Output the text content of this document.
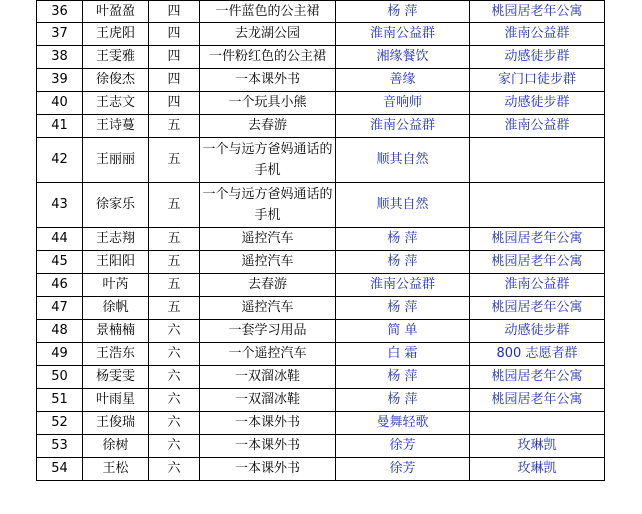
36	叶盈盈	四	一件蓝色的公主裙	杨 萍	桃园居老年公寓
37	王虎阳	四	去龙湖公园	淮南公益群	淮南公益群
38	王雯雅	四	一件粉红色的公主裙	湘缘餐饮	动感徒步群
39	徐俊杰	四	一本课外书	善缘	家门口徒步群
40	王志文	四	一个玩具小熊	音响师	动感徒步群
41	王诗蔓	五	去春游	淮南公益群	淮南公益群
42	王丽丽	五	一个与远方爸妈通话的手机	顺其自然	
43	徐家乐	五	一个与远方爸妈通话的手机	顺其自然	
44	王志翔	五	遥控汽车	杨 萍	桃园居老年公寓
45	王阳阳	五	遥控汽车	杨 萍	桃园居老年公寓
46	叶芮	五	去春游	淮南公益群	淮南公益群
47	徐帆	五	遥控汽车	杨 萍	桃园居老年公寓
48	景楠楠	六	一套学习用品	简 单	动感徒步群
49	王浩东	六	一个遥控汽车	白 霜	800 志愿者群
50	杨雯雯	六	一双溜冰鞋	杨 萍	桃园居老年公寓
51	叶雨星	六	一双溜冰鞋	杨 萍	桃园居老年公寓
52	王俊瑞	六	一本课外书	曼舞轻歌	
53	徐树	六	一本课外书	徐芳	玫琳凯
54	王松	六	一本课外书	徐芳	玫琳凯
